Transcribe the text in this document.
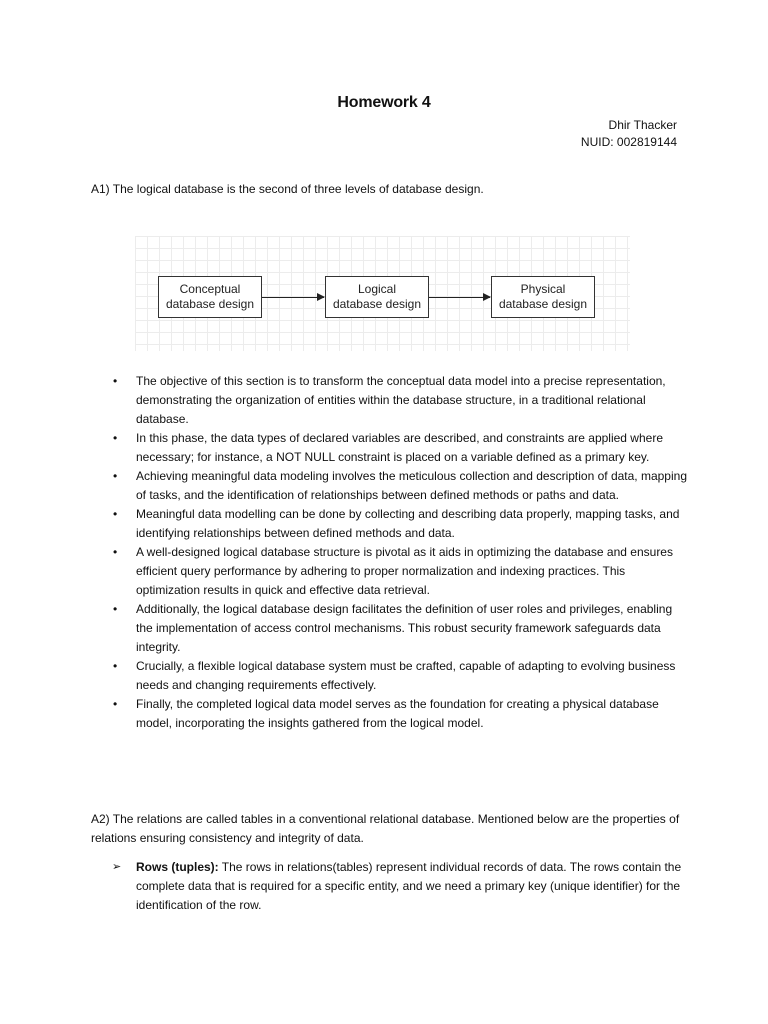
Homework 4
Dhir Thacker
NUID: 002819144
A1) The logical database is the second of three levels of database design.
Conceptual
database design
Logical
database design
Physical
database design
• The objective of this section is to transform the conceptual data model into a precise representation, demonstrating the organization of entities within the database structure, in a traditional relational database.
• In this phase, the data types of declared variables are described, and constraints are applied where necessary; for instance, a NOT NULL constraint is placed on a variable defined as a primary key.
• Achieving meaningful data modeling involves the meticulous collection and description of data, mapping of tasks, and the identification of relationships between defined methods or paths and data.
• Meaningful data modelling can be done by collecting and describing data properly, mapping tasks, and identifying relationships between defined methods and data.
• A well-designed logical database structure is pivotal as it aids in optimizing the database and ensures efficient query performance by adhering to proper normalization and indexing practices. This optimization results in quick and effective data retrieval.
• Additionally, the logical database design facilitates the definition of user roles and privileges, enabling the implementation of access control mechanisms. This robust security framework safeguards data integrity.
• Crucially, a flexible logical database system must be crafted, capable of adapting to evolving business needs and changing requirements effectively.
• Finally, the completed logical data model serves as the foundation for creating a physical database model, incorporating the insights gathered from the logical model.
A2) The relations are called tables in a conventional relational database. Mentioned below are the properties of relations ensuring consistency and integrity of data.
➢ Rows (tuples): The rows in relations(tables) represent individual records of data. The rows contain the complete data that is required for a specific entity, and we need a primary key (unique identifier) for the identification of the row.
